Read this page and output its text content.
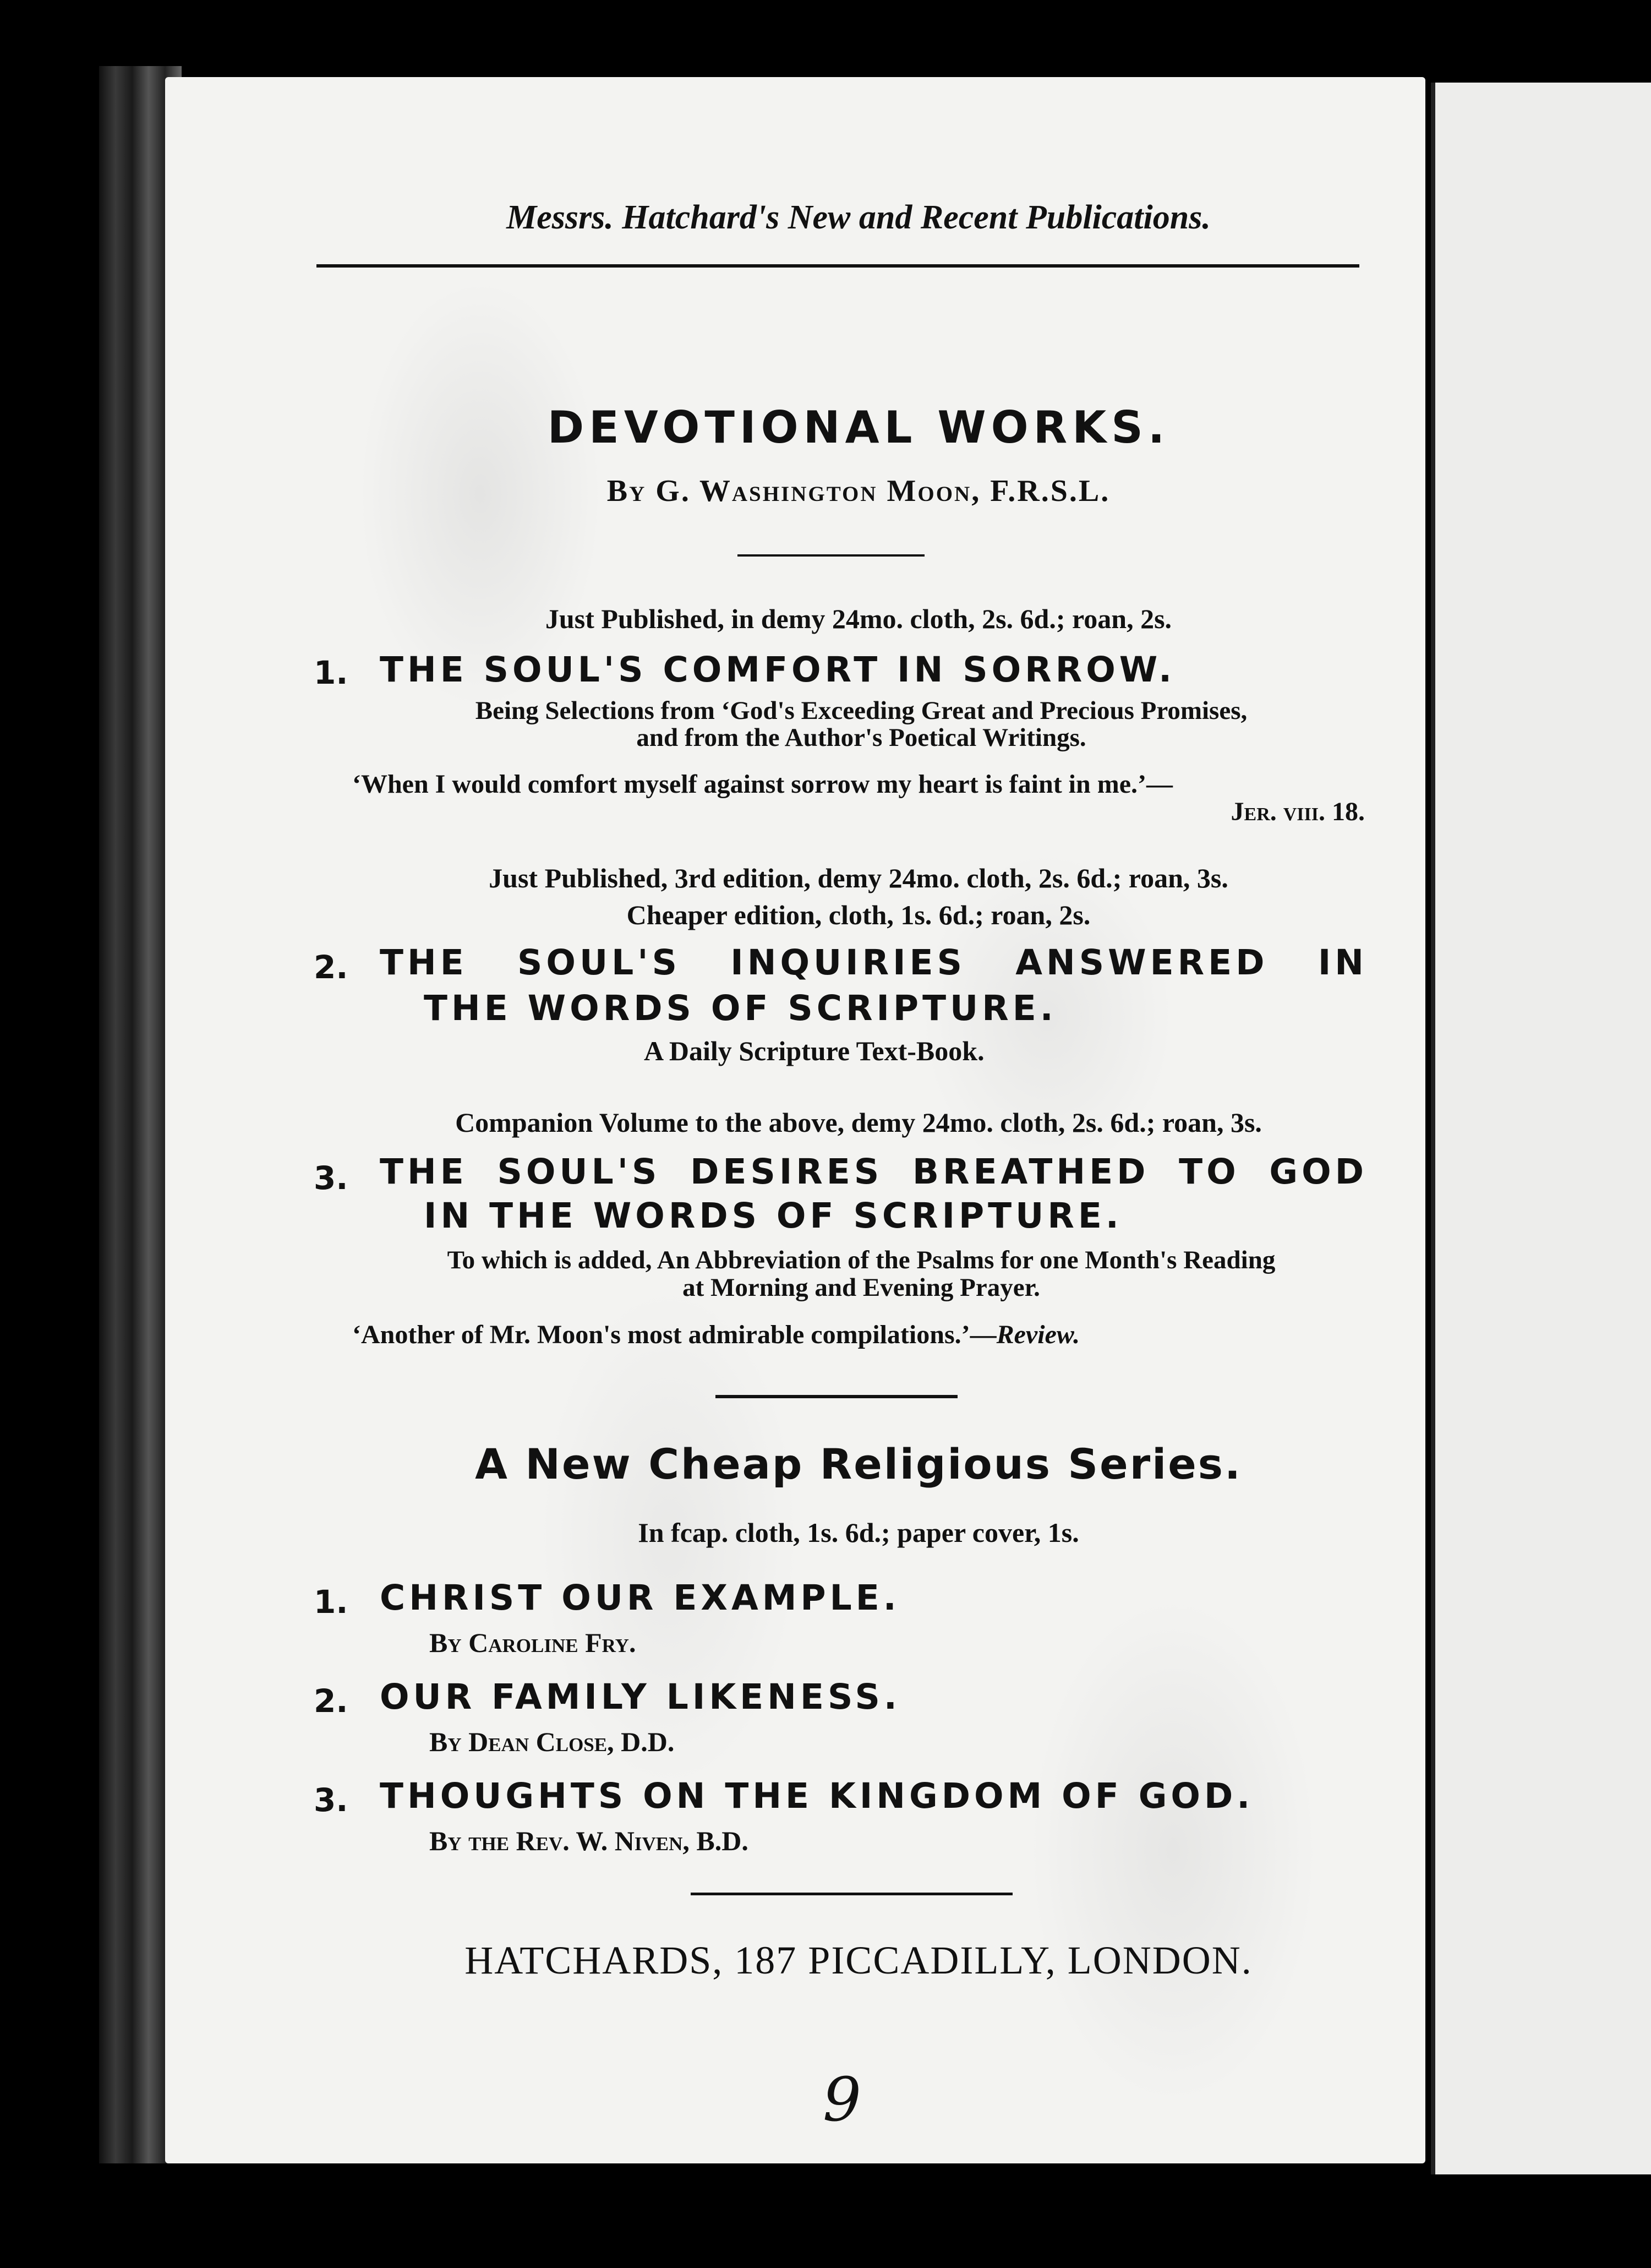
Messrs. Hatchard's New and Recent Publications.
DEVOTIONAL WORKS.
By G. Washington Moon, F.R.S.L.
Just Published, in demy 24mo. cloth, 2s. 6d.; roan, 2s.
1. THE SOUL'S COMFORT IN SORROW.
Being Selections from ‘God's Exceeding Great and Precious Promises,
and from the Author's Poetical Writings.
‘When I would comfort myself against sorrow my heart is faint in me.’—
Jer. viii. 18.
Just Published, 3rd edition, demy 24mo. cloth, 2s. 6d.; roan, 3s.
Cheaper edition, cloth, 1s. 6d.; roan, 2s.
2. THE SOUL'S INQUIRIES ANSWERED IN
THE WORDS OF SCRIPTURE.
A Daily Scripture Text-Book.
Companion Volume to the above, demy 24mo. cloth, 2s. 6d.; roan, 3s.
3. THE SOUL'S DESIRES BREATHED TO GOD
IN THE WORDS OF SCRIPTURE.
To which is added, An Abbreviation of the Psalms for one Month's Reading
at Morning and Evening Prayer.
‘Another of Mr. Moon's most admirable compilations.’—Review.
A New Cheap Religious Series.
In fcap. cloth, 1s. 6d.; paper cover, 1s.
1. CHRIST OUR EXAMPLE.
By Caroline Fry.
2. OUR FAMILY LIKENESS.
By Dean Close, D.D.
3. THOUGHTS ON THE KINGDOM OF GOD.
By the Rev. W. Niven, B.D.
HATCHARDS, 187 PICCADILLY, LONDON.
9
